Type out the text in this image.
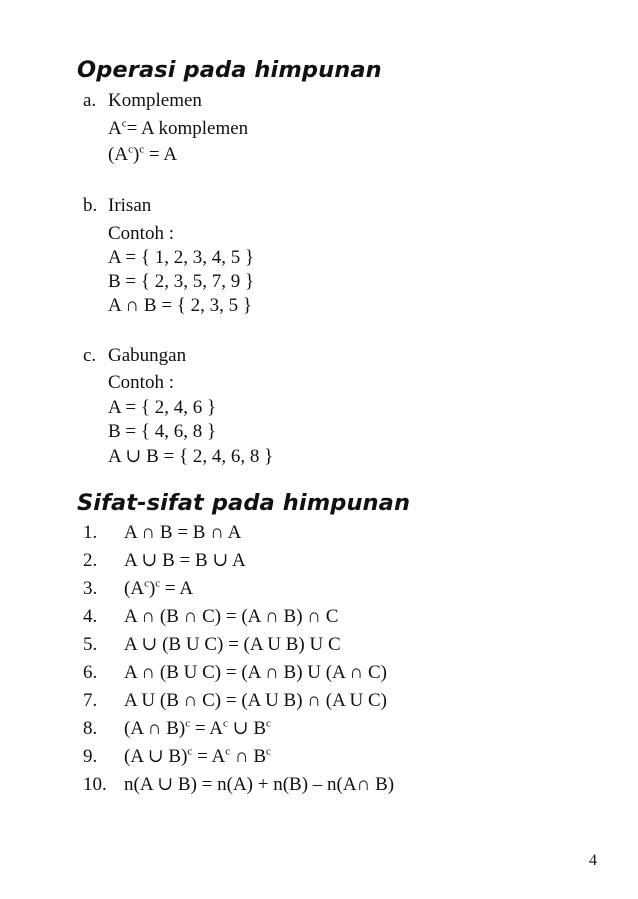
Operasi pada himpunan
a. Komplemen
$A^c= A$ komplemen
$(A^c)^c = A$
b. Irisan
Contoh :
A = { 1, 2, 3, 4, 5 }
B = { 2, 3, 5, 7, 9 }
A ∩ B = { 2, 3, 5 }
c. Gabungan
Contoh :
A = { 2, 4, 6 }
B = { 4, 6, 8 }
A ∪ B = { 2, 4, 6, 8 }
Sifat-sifat pada himpunan
1.	A ∩ B = B ∩ A
2.	A ∪ B = B ∪ A
3.	$(A^c)^c = A$
4.	A ∩ (B ∩ C) = (A ∩ B) ∩ C
5.	A ∪ (B U C) = (A U B) U C
6.	A ∩ (B U C) = (A ∩ B) U (A ∩ C)
7.	A U (B ∩ C) = (A U B) ∩ (A U C)
8.	(A ∩ $B)^c = A^c$ ∪ $B^c$
9.	(A ∪ $B)^c = A^c$ ∩ $B^c$
10. n(A ∪ B) = n(A) + n(B) – n(A∩ B)
4
